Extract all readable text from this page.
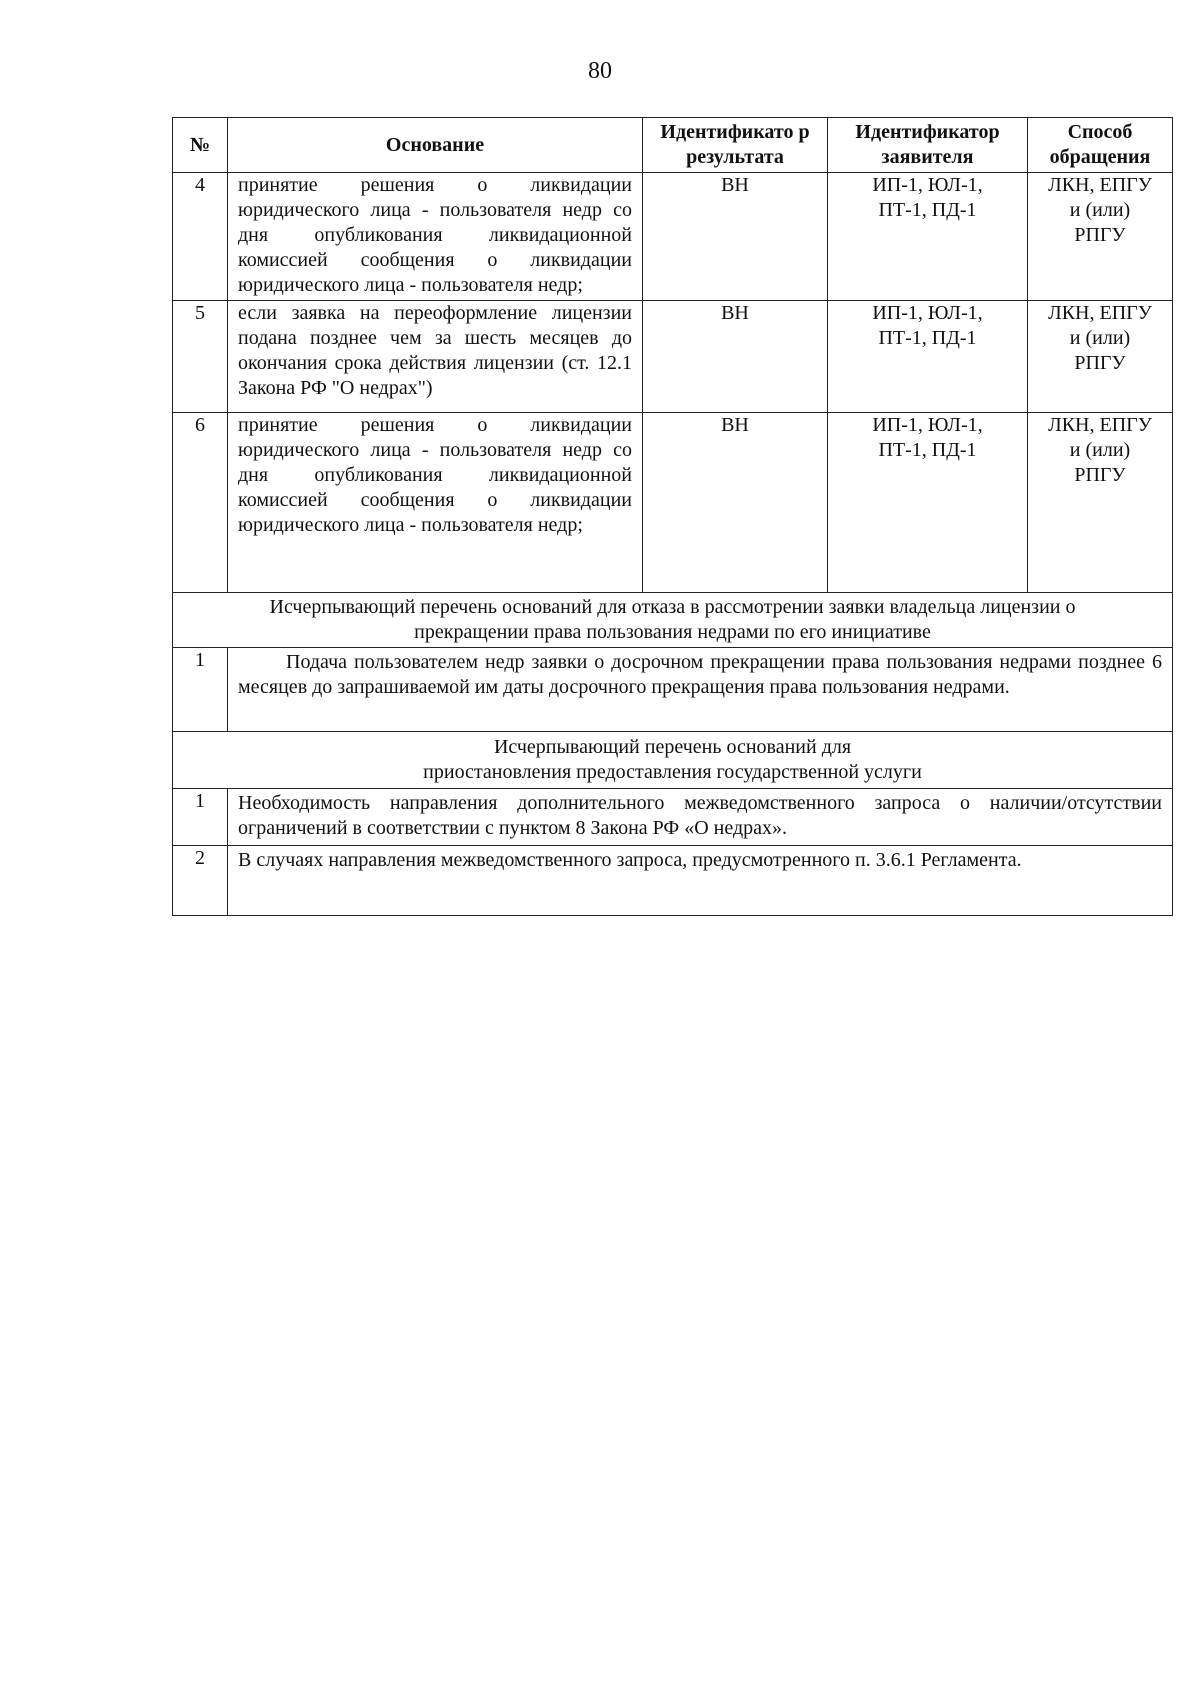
80
№	Основание	Идентификато р результата	Идентификатор заявителя	Способ обращения
4	принятие решения о ликвидации юридического лица - пользователя недр со дня опубликования ликвидационной комиссией сообщения о ликвидации юридического лица - пользователя недр;	ВН	ИП-1, ЮЛ-1, ПТ-1, ПД-1	ЛКН, ЕПГУ и (или) РПГУ
5	если заявка на переоформление лицензии подана позднее чем за шесть месяцев до окончания срока действия лицензии (ст. 12.1 Закона РФ "О недрах")	ВН	ИП-1, ЮЛ-1, ПТ-1, ПД-1	ЛКН, ЕПГУ и (или) РПГУ
6	принятие решения о ликвидации юридического лица - пользователя недр со дня опубликования ликвидационной комиссией сообщения о ликвидации юридического лица - пользователя недр;	ВН	ИП-1, ЮЛ-1, ПТ-1, ПД-1	ЛКН, ЕПГУ и (или) РПГУ
Исчерпывающий перечень оснований для отказа в рассмотрении заявки владельца лицензии о прекращении права пользования недрами по его инициативе				
1	Подача пользователем недр заявки о досрочном прекращении права пользования недрами позднее 6 месяцев до запрашиваемой им даты досрочного прекращения права пользования недрами.			
Исчерпывающий перечень оснований для приостановления предоставления государственной услуги				
1	Необходимость направления дополнительного межведомственного запроса о наличии/отсутствии ограничений в соответствии с пунктом 8 Закона РФ «О недрах».			
2	В случаях направления межведомственного запроса, предусмотренного п. 3.6.1 Регламента.			
